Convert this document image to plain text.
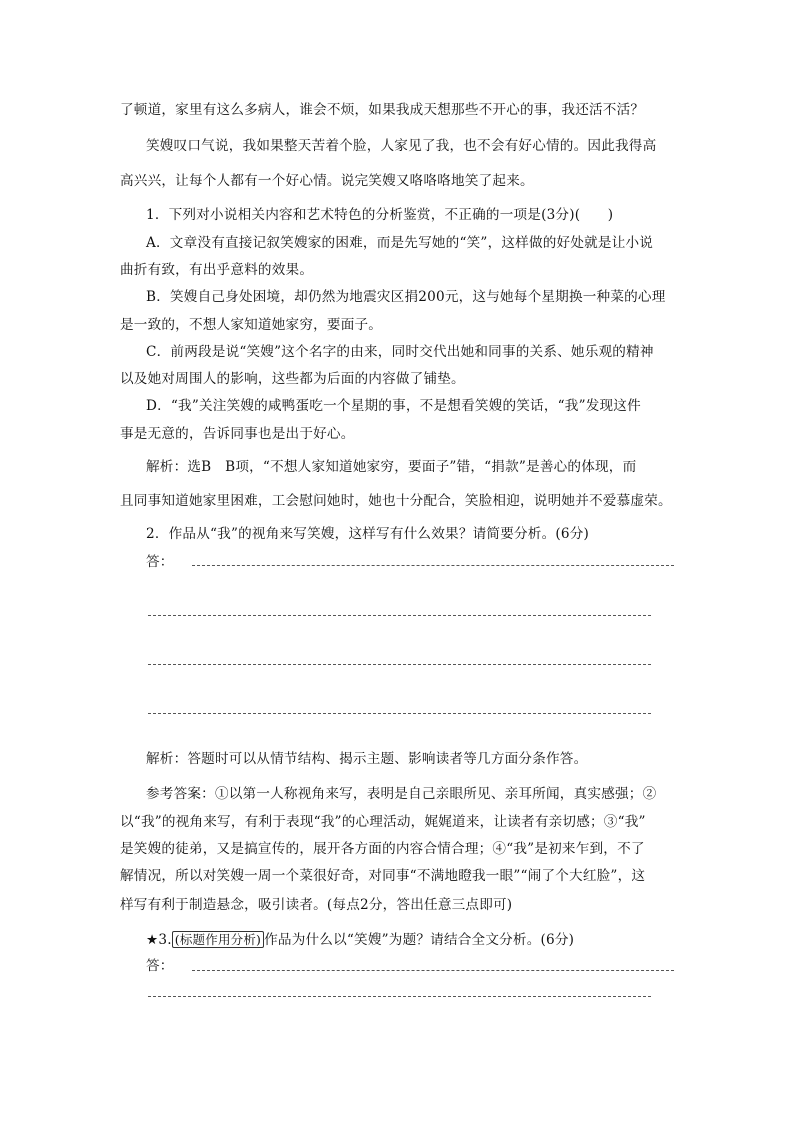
了顿道，家里有这么多病人，谁会不烦，如果我成天想那些不开心的事，我还活不活？
笑嫂叹口气说，我如果整天苦着个脸，人家见了我，也不会有好心情的。因此我得高
高兴兴，让每个人都有一个好心情。说完笑嫂又咯咯咯地笑了起来。
1．下列对小说相关内容和艺术特色的分析鉴赏，不正确的一项是(3分)(　　)
A．文章没有直接记叙笑嫂家的困难，而是先写她的“笑”，这样做的好处就是让小说
曲折有致，有出乎意料的效果。
B．笑嫂自己身处困境，却仍然为地震灾区捐200元，这与她每个星期换一种菜的心理
是一致的，不想人家知道她家穷，要面子。
C．前两段是说“笑嫂”这个名字的由来，同时交代出她和同事的关系、她乐观的精神
以及她对周围人的影响，这些都为后面的内容做了铺垫。
D．“我”关注笑嫂的咸鸭蛋吃一个星期的事，不是想看笑嫂的笑话，“我”发现这件
事是无意的，告诉同事也是出于好心。
解析：选B　B项，“不想人家知道她家穷，要面子”错，“捐款”是善心的体现，而
且同事知道她家里困难，工会慰问她时，她也十分配合，笑脸相迎，说明她并不爱慕虚荣。
2．作品从“我”的视角来写笑嫂，这样写有什么效果？请简要分析。(6分)
答：
解析：答题时可以从情节结构、揭示主题、影响读者等几方面分条作答。
参考答案：①以第一人称视角来写，表明是自己亲眼所见、亲耳所闻，真实感强；②
以“我”的视角来写，有利于表现“我”的心理活动，娓娓道来，让读者有亲切感；③“我”
是笑嫂的徒弟，又是搞宣传的，展开各方面的内容合情合理；④“我”是初来乍到，不了
解情况，所以对笑嫂一周一个菜很好奇，对同事“不满地瞪我一眼”“闹了个大红脸”，这
样写有利于制造悬念，吸引读者。(每点2分，答出任意三点即可)
★3. (标题作用分析) 作品为什么以“笑嫂”为题？请结合全文分析。(6分)
答：
